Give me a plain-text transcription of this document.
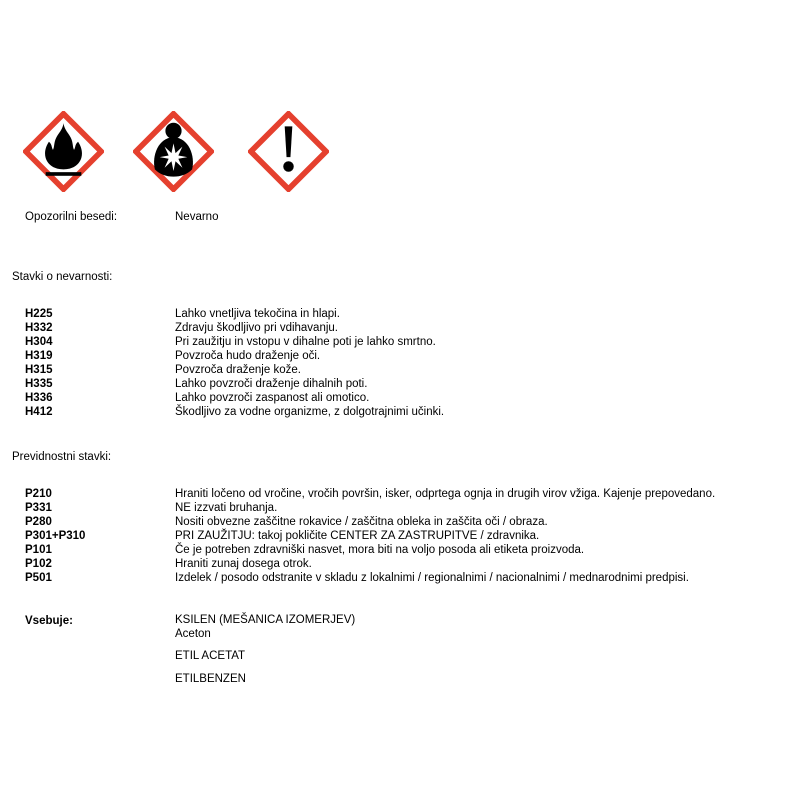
Opozorilni besedi:	Nevarno
Stavki o nevarnosti:
H225	Lahko vnetljiva tekočina in hlapi.
H332	Zdravju škodljivo pri vdihavanju.
H304	Pri zaužitju in vstopu v dihalne poti je lahko smrtno.
H319	Povzroča hudo draženje oči.
H315	Povzroča draženje kože.
H335	Lahko povzroči draženje dihalnih poti.
H336	Lahko povzroči zaspanost ali omotico.
H412	Škodljivo za vodne organizme, z dolgotrajnimi učinki.
Previdnostni stavki:
P210	Hraniti ločeno od vročine, vročih površin, isker, odprtega ognja in drugih virov vžiga. Kajenje prepovedano.
P331	NE izzvati bruhanja.
P280	Nositi obvezne zaščitne rokavice / zaščitna obleka in zaščita oči / obraza.
P301+P310	PRI ZAUŽITJU: takoj pokličite CENTER ZA ZASTRUPITVE / zdravnika.
P101	Če je potreben zdravniški nasvet, mora biti na voljo posoda ali etiketa proizvoda.
P102	Hraniti zunaj dosega otrok.
P501	Izdelek / posodo odstranite v skladu z lokalnimi / regionalnimi / nacionalnimi / mednarodnimi predpisi.
Vsebuje:	KSILEN (MEŠANICA IZOMERJEV)
Aceton
ETIL ACETAT
ETILBENZEN
